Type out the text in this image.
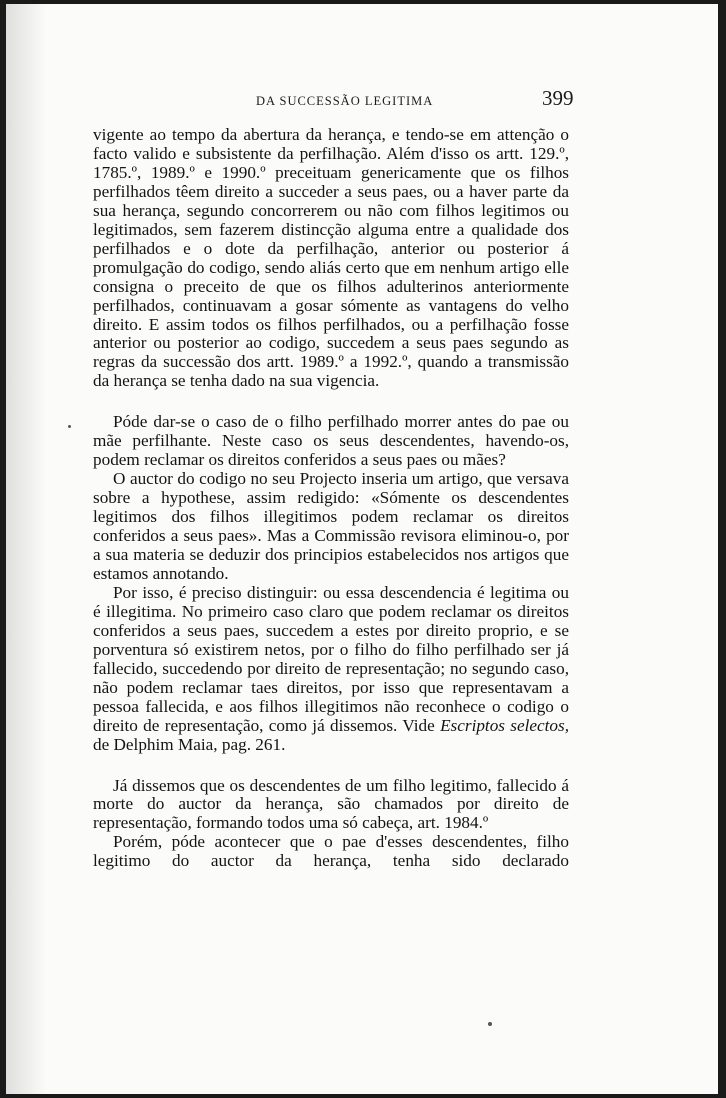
DA SUCCESSÃO LEGITIMA	399

vigente ao tempo da abertura da herança, e tendo-se em attenção o facto valido e subsistente da perfilhação. Além d'isso os artt. 129.º, 1785.º, 1989.º e 1990.º preceituam genericamente que os filhos perfilhados têem direito a succeder a seus paes, ou a haver parte da sua herança, segundo concorrerem ou não com filhos legitimos ou legitimados, sem fazerem distincção alguma entre a qualidade dos perfilhados e o dote da perfilhação, anterior ou posterior á promulgação do codigo, sendo aliás certo que em nenhum artigo elle consigna o preceito de que os filhos adulterinos anteriormente perfilhados, continuavam a gosar sómente as vantagens do velho direito. E assim todos os filhos perfilhados, ou a perfilhação fosse anterior ou posterior ao codigo, succedem a seus paes segundo as regras da successão dos artt. 1989.º a 1992.º, quando a transmissão da herança se tenha dado na sua vigencia.

Póde dar-se o caso de o filho perfilhado morrer antes do pae ou mãe perfilhante. Neste caso os seus descendentes, havendo-os, podem reclamar os direitos conferidos a seus paes ou mães?

O auctor do codigo no seu Projecto inseria um artigo, que versava sobre a hypothese, assim redigido: «Sómente os descendentes legitimos dos filhos illegitimos podem reclamar os direitos conferidos a seus paes». Mas a Commissão revisora eliminou-o, por a sua materia se deduzir dos principios estabelecidos nos artigos que estamos annotando.

Por isso, é preciso distinguir: ou essa descendencia é legitima ou é illegitima. No primeiro caso claro que podem reclamar os direitos conferidos a seus paes, succedem a estes por direito proprio, e se porventura só existirem netos, por o filho do filho perfilhado ser já fallecido, succedendo por direito de representação; no segundo caso, não podem reclamar taes direitos, por isso que representavam a pessoa fallecida, e aos filhos illegitimos não reconhece o codigo o direito de representação, como já dissemos. Vide Escriptos selectos, de Delphim Maia, pag. 261.

Já dissemos que os descendentes de um filho legitimo, fallecido á morte do auctor da herança, são chamados por direito de representação, formando todos uma só cabeça, art. 1984.º

Porém, póde acontecer que o pae d'esses descendentes, filho legitimo do auctor da herança, tenha sido declarado
